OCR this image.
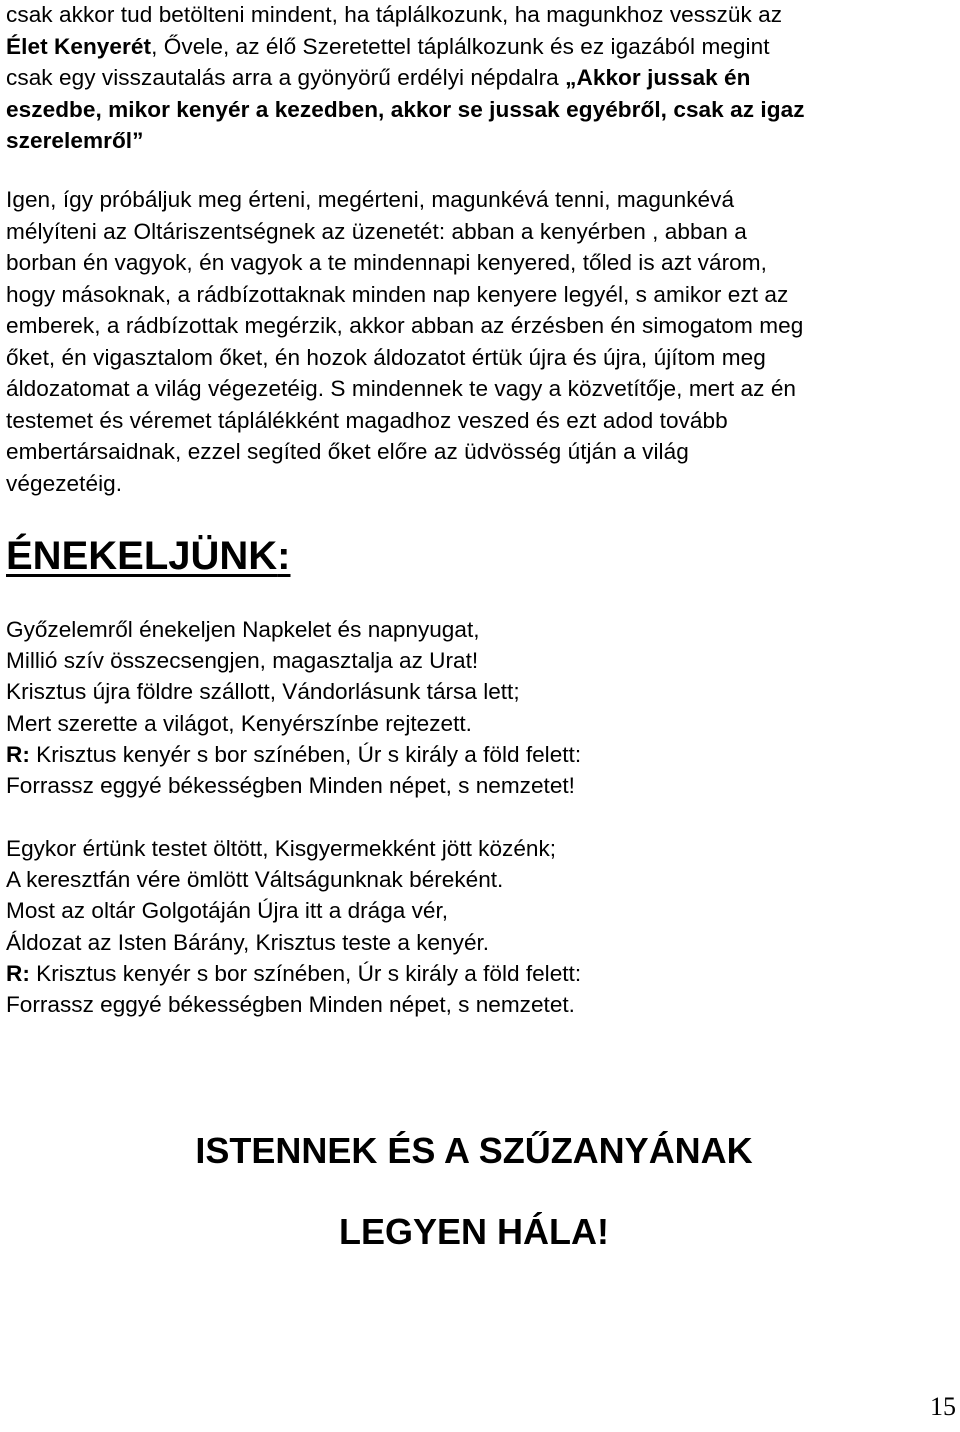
csak akkor tud betölteni mindent, ha táplálkozunk, ha magunkhoz vesszük az
Élet Kenyerét, Ővele, az élő Szeretettel táplálkozunk és ez igazából megint
csak egy visszautalás arra a gyönyörű erdélyi népdalra „Akkor jussak én
eszedbe, mikor kenyér a kezedben, akkor se jussak egyébről, csak az igaz
szerelemről”
Igen, így próbáljuk meg érteni, megérteni, magunkévá tenni, magunkévá
mélyíteni az Oltáriszentségnek az üzenetét: abban a kenyérben , abban a
borban én vagyok, én vagyok a te mindennapi kenyered, tőled is azt várom,
hogy másoknak, a rádbízottaknak minden nap kenyere legyél, s amikor ezt az
emberek, a rádbízottak megérzik, akkor abban az érzésben én simogatom meg
őket, én vigasztalom őket, én hozok áldozatot értük újra és újra, újítom meg
áldozatomat a világ végezetéig. S mindennek te vagy a közvetítője, mert az én
testemet és véremet táplálékként magadhoz veszed és ezt adod tovább
embertársaidnak, ezzel segíted őket előre az üdvösség útján a világ
végezetéig.
ÉNEKELJÜNK:
Győzelemről énekeljen Napkelet és napnyugat,
Millió szív összecsengjen, magasztalja az Urat!
Krisztus újra földre szállott, Vándorlásunk társa lett;
Mert szerette a világot, Kenyérszínbe rejtezett.
R: Krisztus kenyér s bor színében, Úr s király a föld felett:
Forrassz eggyé békességben Minden népet, s nemzetet!
Egykor értünk testet öltött, Kisgyermekként jött közénk;
A keresztfán vére ömlött Váltságunknak béreként.
Most az oltár Golgotáján Újra itt a drága vér,
Áldozat az Isten Bárány, Krisztus teste a kenyér.
R: Krisztus kenyér s bor színében, Úr s király a föld felett:
Forrassz eggyé békességben Minden népet, s nemzetet.
ISTENNEK ÉS A SZŰZANYÁNAK
LEGYEN HÁLA!
15
